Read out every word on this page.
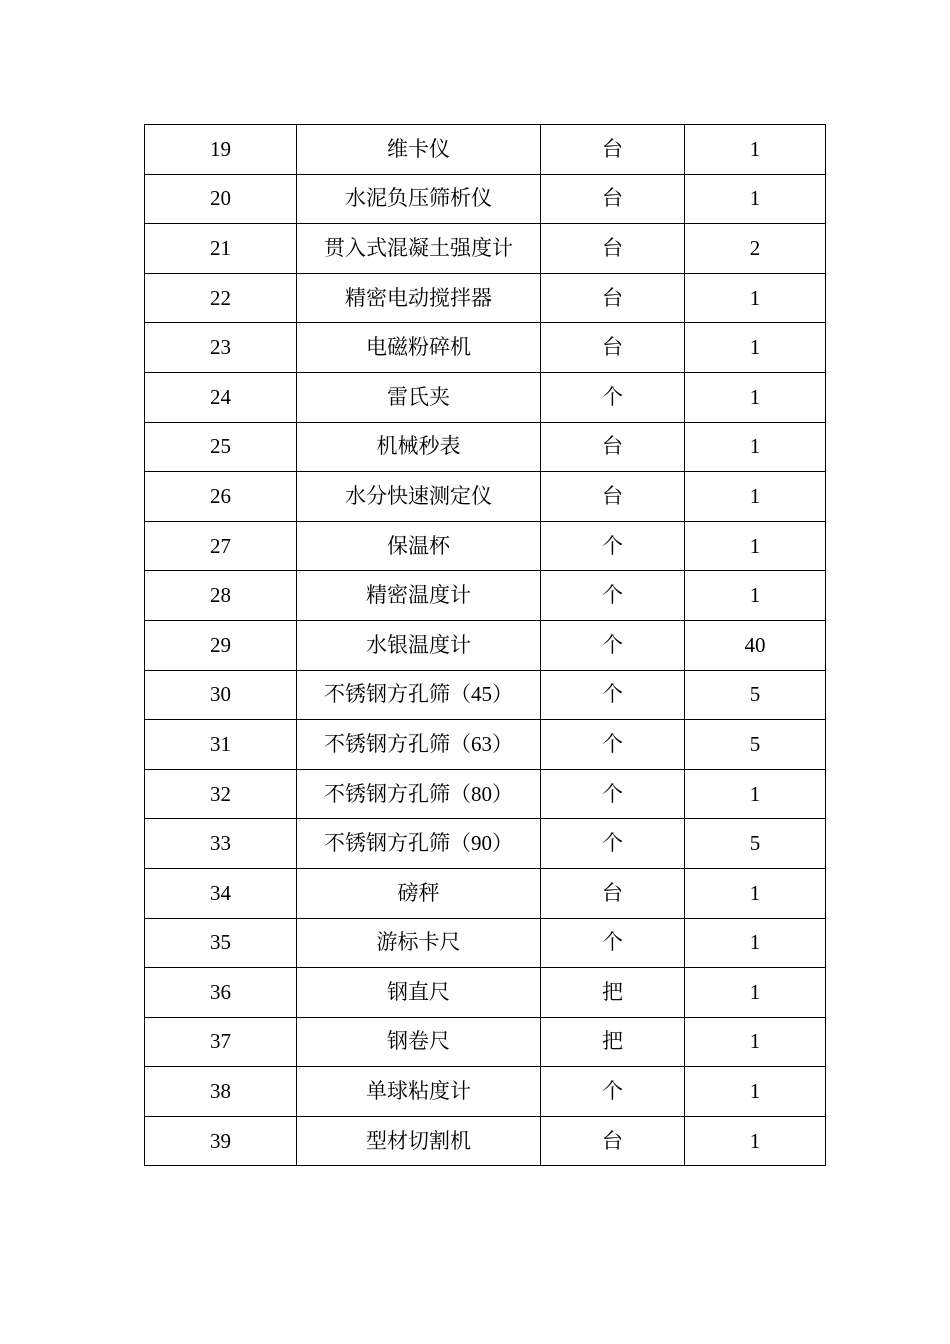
19	维卡仪	台	1
20	水泥负压筛析仪	台	1
21	贯入式混凝土强度计	台	2
22	精密电动搅拌器	台	1
23	电磁粉碎机	台	1
24	雷氏夹	个	1
25	机械秒表	台	1
26	水分快速测定仪	台	1
27	保温杯	个	1
28	精密温度计	个	1
29	水银温度计	个	40
30	不锈钢方孔筛（45）	个	5
31	不锈钢方孔筛（63）	个	5
32	不锈钢方孔筛（80）	个	1
33	不锈钢方孔筛（90）	个	5
34	磅秤	台	1
35	游标卡尺	个	1
36	钢直尺	把	1
37	钢卷尺	把	1
38	单球粘度计	个	1
39	型材切割机	台	1
